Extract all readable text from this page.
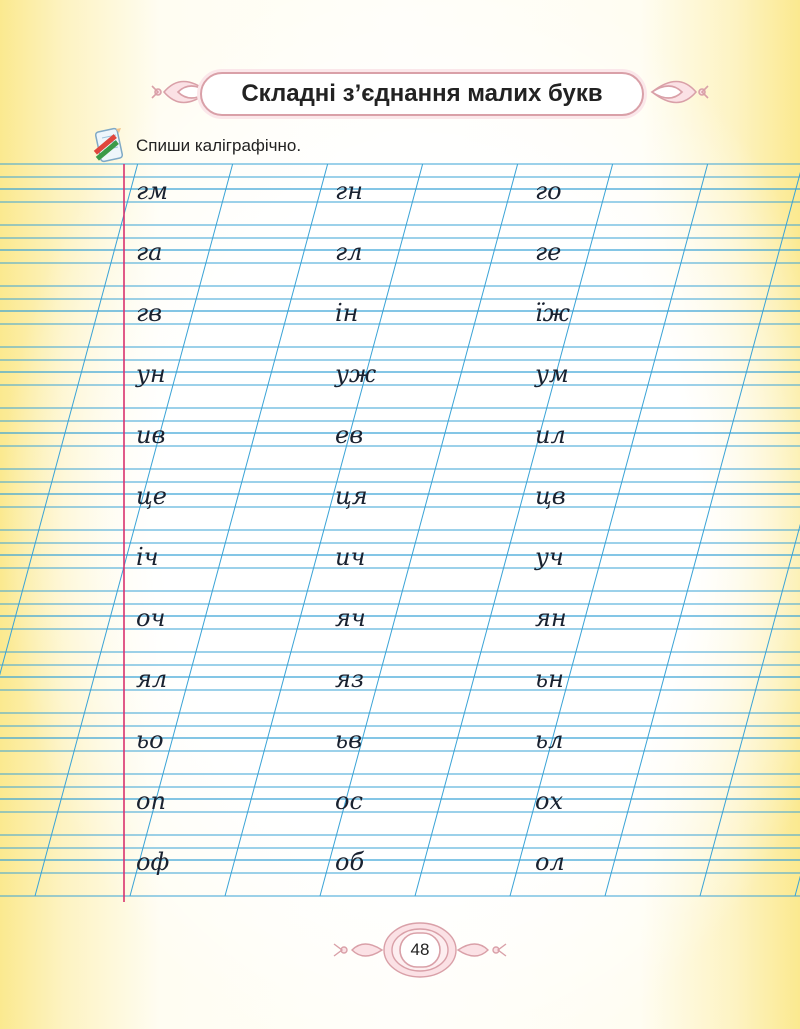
Складні з’єднання малих букв
Спиши каліграфічно.
гм	гн	го
га	гл	ге
гв	ін	їж
ун	уж	ум
ив	ев	ил
це	ця	цв
іч	ич	уч
оч	яч	ян
ял	яз	ьн
ьо	ьв	ьл
оп	ос	ох
оф	об	ол
48
